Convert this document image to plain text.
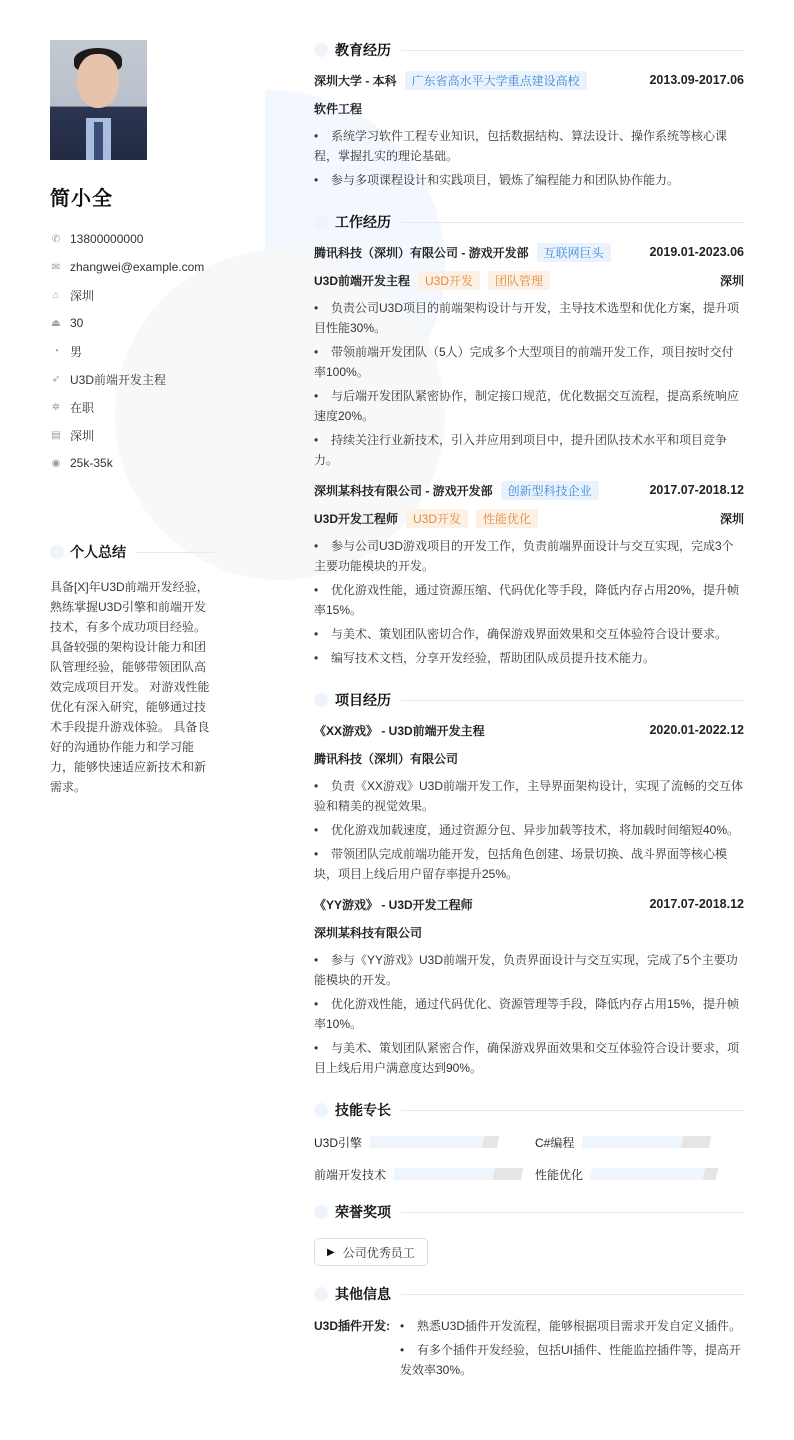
简小全
✆ 13800000000
✉ zhangwei@example.com
⌂ 深圳
⏏ 30
◔ 男
➶ U3D前端开发主程
✲ 在职
▤ 深圳
◉ 25k-35k
个人总结
具备[X]年U3D前端开发经验，熟练掌握U3D引擎和前端开发技术，有多个成功项目经验。具备较强的架构设计能力和团队管理经验，能够带领团队高效完成项目开发。 对游戏性能优化有深入研究，能够通过技术手段提升游戏体验。 具备良好的沟通协作能力和学习能力，能够快速适应新技术和新需求。
教育经历
深圳大学 - 本科	广东省高水平大学重点建设高校	2013.09-2017.06
软件工程
• 系统学习软件工程专业知识，包括数据结构、算法设计、操作系统等核心课程，掌握扎实的理论基础。
• 参与多项课程设计和实践项目，锻炼了编程能力和团队协作能力。
工作经历
腾讯科技（深圳）有限公司 - 游戏开发部	互联网巨头	2019.01-2023.06
U3D前端开发主程	U3D开发	团队管理	深圳
• 负责公司U3D项目的前端架构设计与开发，主导技术选型和优化方案，提升项目性能30%。
• 带领前端开发团队（5人）完成多个大型项目的前端开发工作，项目按时交付率100%。
• 与后端开发团队紧密协作，制定接口规范，优化数据交互流程，提高系统响应速度20%。
• 持续关注行业新技术，引入并应用到项目中，提升团队技术水平和项目竞争力。
深圳某科技有限公司 - 游戏开发部	创新型科技企业	2017.07-2018.12
U3D开发工程师	U3D开发	性能优化	深圳
• 参与公司U3D游戏项目的开发工作，负责前端界面设计与交互实现，完成3个主要功能模块的开发。
• 优化游戏性能，通过资源压缩、代码优化等手段，降低内存占用20%，提升帧率15%。
• 与美术、策划团队密切合作，确保游戏界面效果和交互体验符合设计要求。
• 编写技术文档，分享开发经验，帮助团队成员提升技术能力。
项目经历
《XX游戏》 - U3D前端开发主程	2020.01-2022.12
腾讯科技（深圳）有限公司
• 负责《XX游戏》U3D前端开发工作，主导界面架构设计，实现了流畅的交互体验和精美的视觉效果。
• 优化游戏加载速度，通过资源分包、异步加载等技术，将加载时间缩短40%。
• 带领团队完成前端功能开发，包括角色创建、场景切换、战斗界面等核心模块，项目上线后用户留存率提升25%。
《YY游戏》 - U3D开发工程师	2017.07-2018.12
深圳某科技有限公司
• 参与《YY游戏》U3D前端开发，负责界面设计与交互实现，完成了5个主要功能模块的开发。
• 优化游戏性能，通过代码优化、资源管理等手段，降低内存占用15%，提升帧率10%。
• 与美术、策划团队紧密合作，确保游戏界面效果和交互体验符合设计要求，项目上线后用户满意度达到90%。
技能专长
U3D引擎	C#编程
前端开发技术	性能优化
荣誉奖项
▶ 公司优秀员工
其他信息
U3D插件开发:	• 熟悉U3D插件开发流程，能够根据项目需求开发自定义插件。
• 有多个插件开发经验，包括UI插件、性能监控插件等，提高开发效率30%。
